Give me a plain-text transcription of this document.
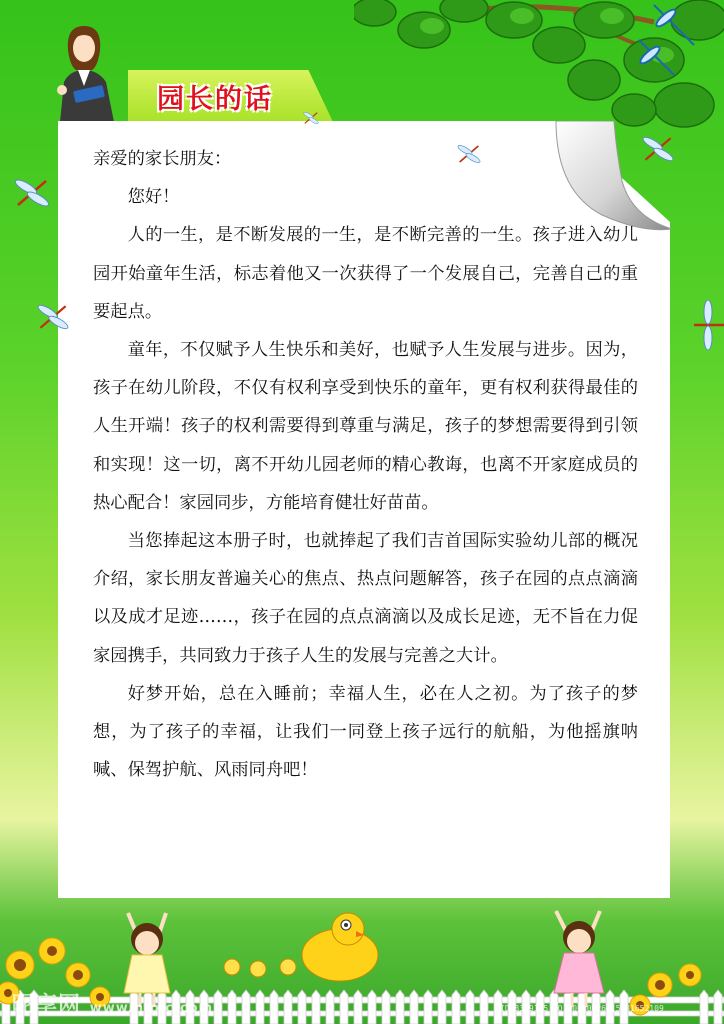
园长的话

亲爱的家长朋友：

您好！

人的一生，是不断发展的一生，是不断完善的一生。孩子进入幼儿园开始童年生活，标志着他又一次获得了一个发展自己，完善自己的重要起点。

童年，不仅赋予人生快乐和美好，也赋予人生发展与进步。因为，孩子在幼儿阶段，不仅有权利享受到快乐的童年，更有权利获得最佳的人生开端！孩子的权利需要得到尊重与满足，孩子的梦想需要得到引领和实现！这一切，离不开幼儿园老师的精心教诲，也离不开家庭成员的热心配合！家园同步，方能培育健壮好苗苗。

当您捧起这本册子时，也就捧起了我们吉首国际实验幼儿部的概况介绍，家长朋友普遍关心的焦点、热点问题解答，孩子在园的点点滴滴以及成才足迹……，孩子在园的点点滴滴以及成长足迹，无不旨在力促家园携手，共同致力于孩子人生的发展与完善之大计。

好梦开始，总在入睡前；幸福人生，必在人之初。为了孩子的梦想，为了孩子的幸福，让我们一同登上孩子远行的航船，为他摇旗呐喊、保驾护航、风雨同舟吧！

昵享网 www.nipic.com	ID:3319195 NO:20120626115731652109
